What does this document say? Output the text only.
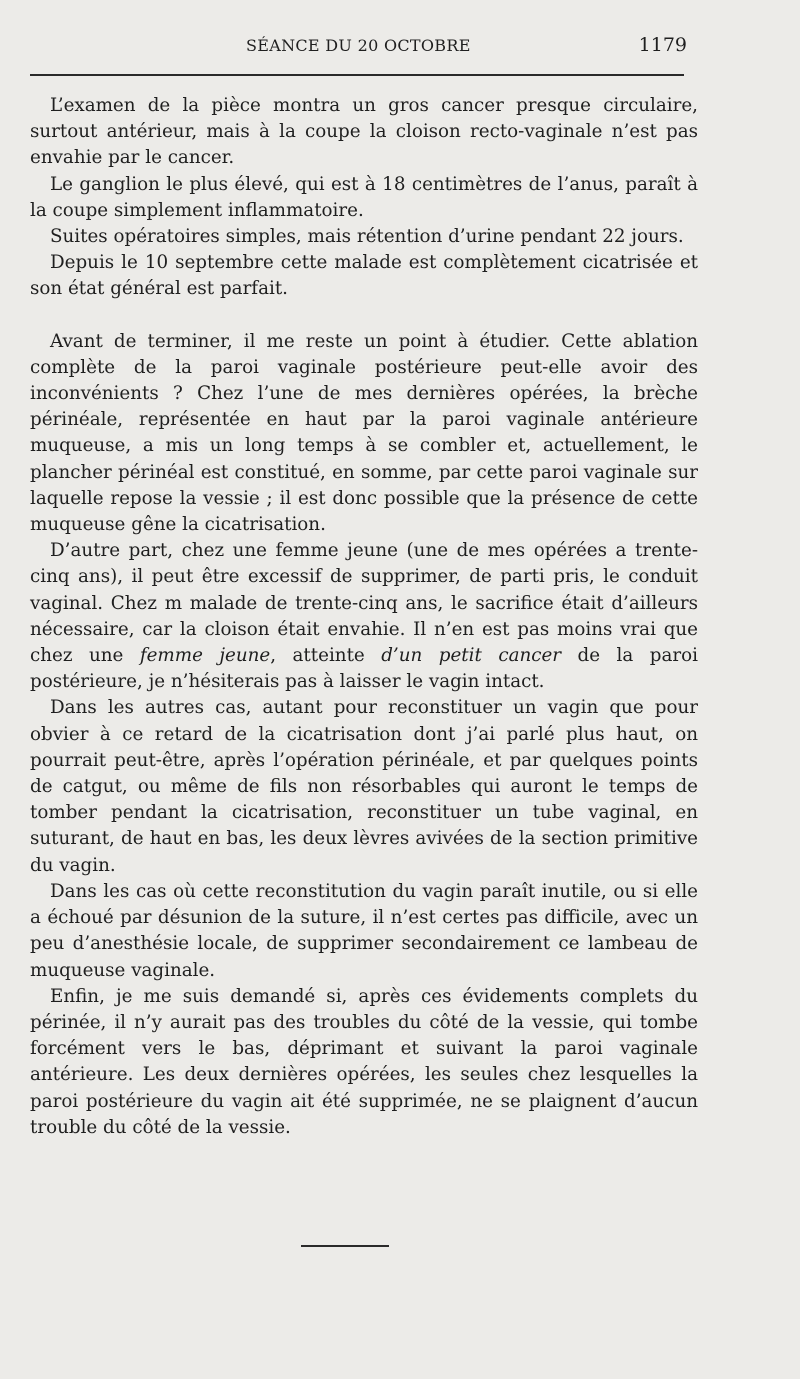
SÉANCE DU 20 OCTOBRE	1179

L’examen de la pièce montra un gros cancer presque circulaire, surtout antérieur, mais à la coupe la cloison recto-vaginale n’est pas envahie par le cancer.

Le ganglion le plus élevé, qui est à 18 centimètres de l’anus, paraît à la coupe simplement inflammatoire.

Suites opératoires simples, mais rétention d’urine pendant 22 jours.

Depuis le 10 septembre cette malade est complètement cicatrisée et son état général est parfait.

Avant de terminer, il me reste un point à étudier. Cette ablation complète de la paroi vaginale postérieure peut-elle avoir des inconvénients ? Chez l’une de mes dernières opérées, la brèche périnéale, représentée en haut par la paroi vaginale antérieure muqueuse, a mis un long temps à se combler et, actuellement, le plancher périnéal est constitué, en somme, par cette paroi vaginale sur laquelle repose la vessie ; il est donc possible que la présence de cette muqueuse gêne la cicatrisation.

D’autre part, chez une femme jeune (une de mes opérées a trente-cinq ans), il peut être excessif de supprimer, de parti pris, le conduit vaginal. Chez m malade de trente-cinq ans, le sacrifice était d’ailleurs nécessaire, car la cloison était envahie. Il n’en est pas moins vrai que chez une femme jeune, atteinte d’un petit cancer de la paroi postérieure, je n’hésiterais pas à laisser le vagin intact.

Dans les autres cas, autant pour reconstituer un vagin que pour obvier à ce retard de la cicatrisation dont j’ai parlé plus haut, on pourrait peut-être, après l’opération périnéale, et par quelques points de catgut, ou même de fils non résorbables qui auront le temps de tomber pendant la cicatrisation, reconstituer un tube vaginal, en suturant, de haut en bas, les deux lèvres avivées de la section primitive du vagin.

Dans les cas où cette reconstitution du vagin paraît inutile, ou si elle a échoué par désunion de la suture, il n’est certes pas difficile, avec un peu d’anesthésie locale, de supprimer secondairement ce lambeau de muqueuse vaginale.

Enfin, je me suis demandé si, après ces évidements complets du périnée, il n’y aurait pas des troubles du côté de la vessie, qui tombe forcément vers le bas, déprimant et suivant la paroi vaginale antérieure. Les deux dernières opérées, les seules chez lesquelles la paroi postérieure du vagin ait été supprimée, ne se plaignent d’aucun trouble du côté de la vessie.
